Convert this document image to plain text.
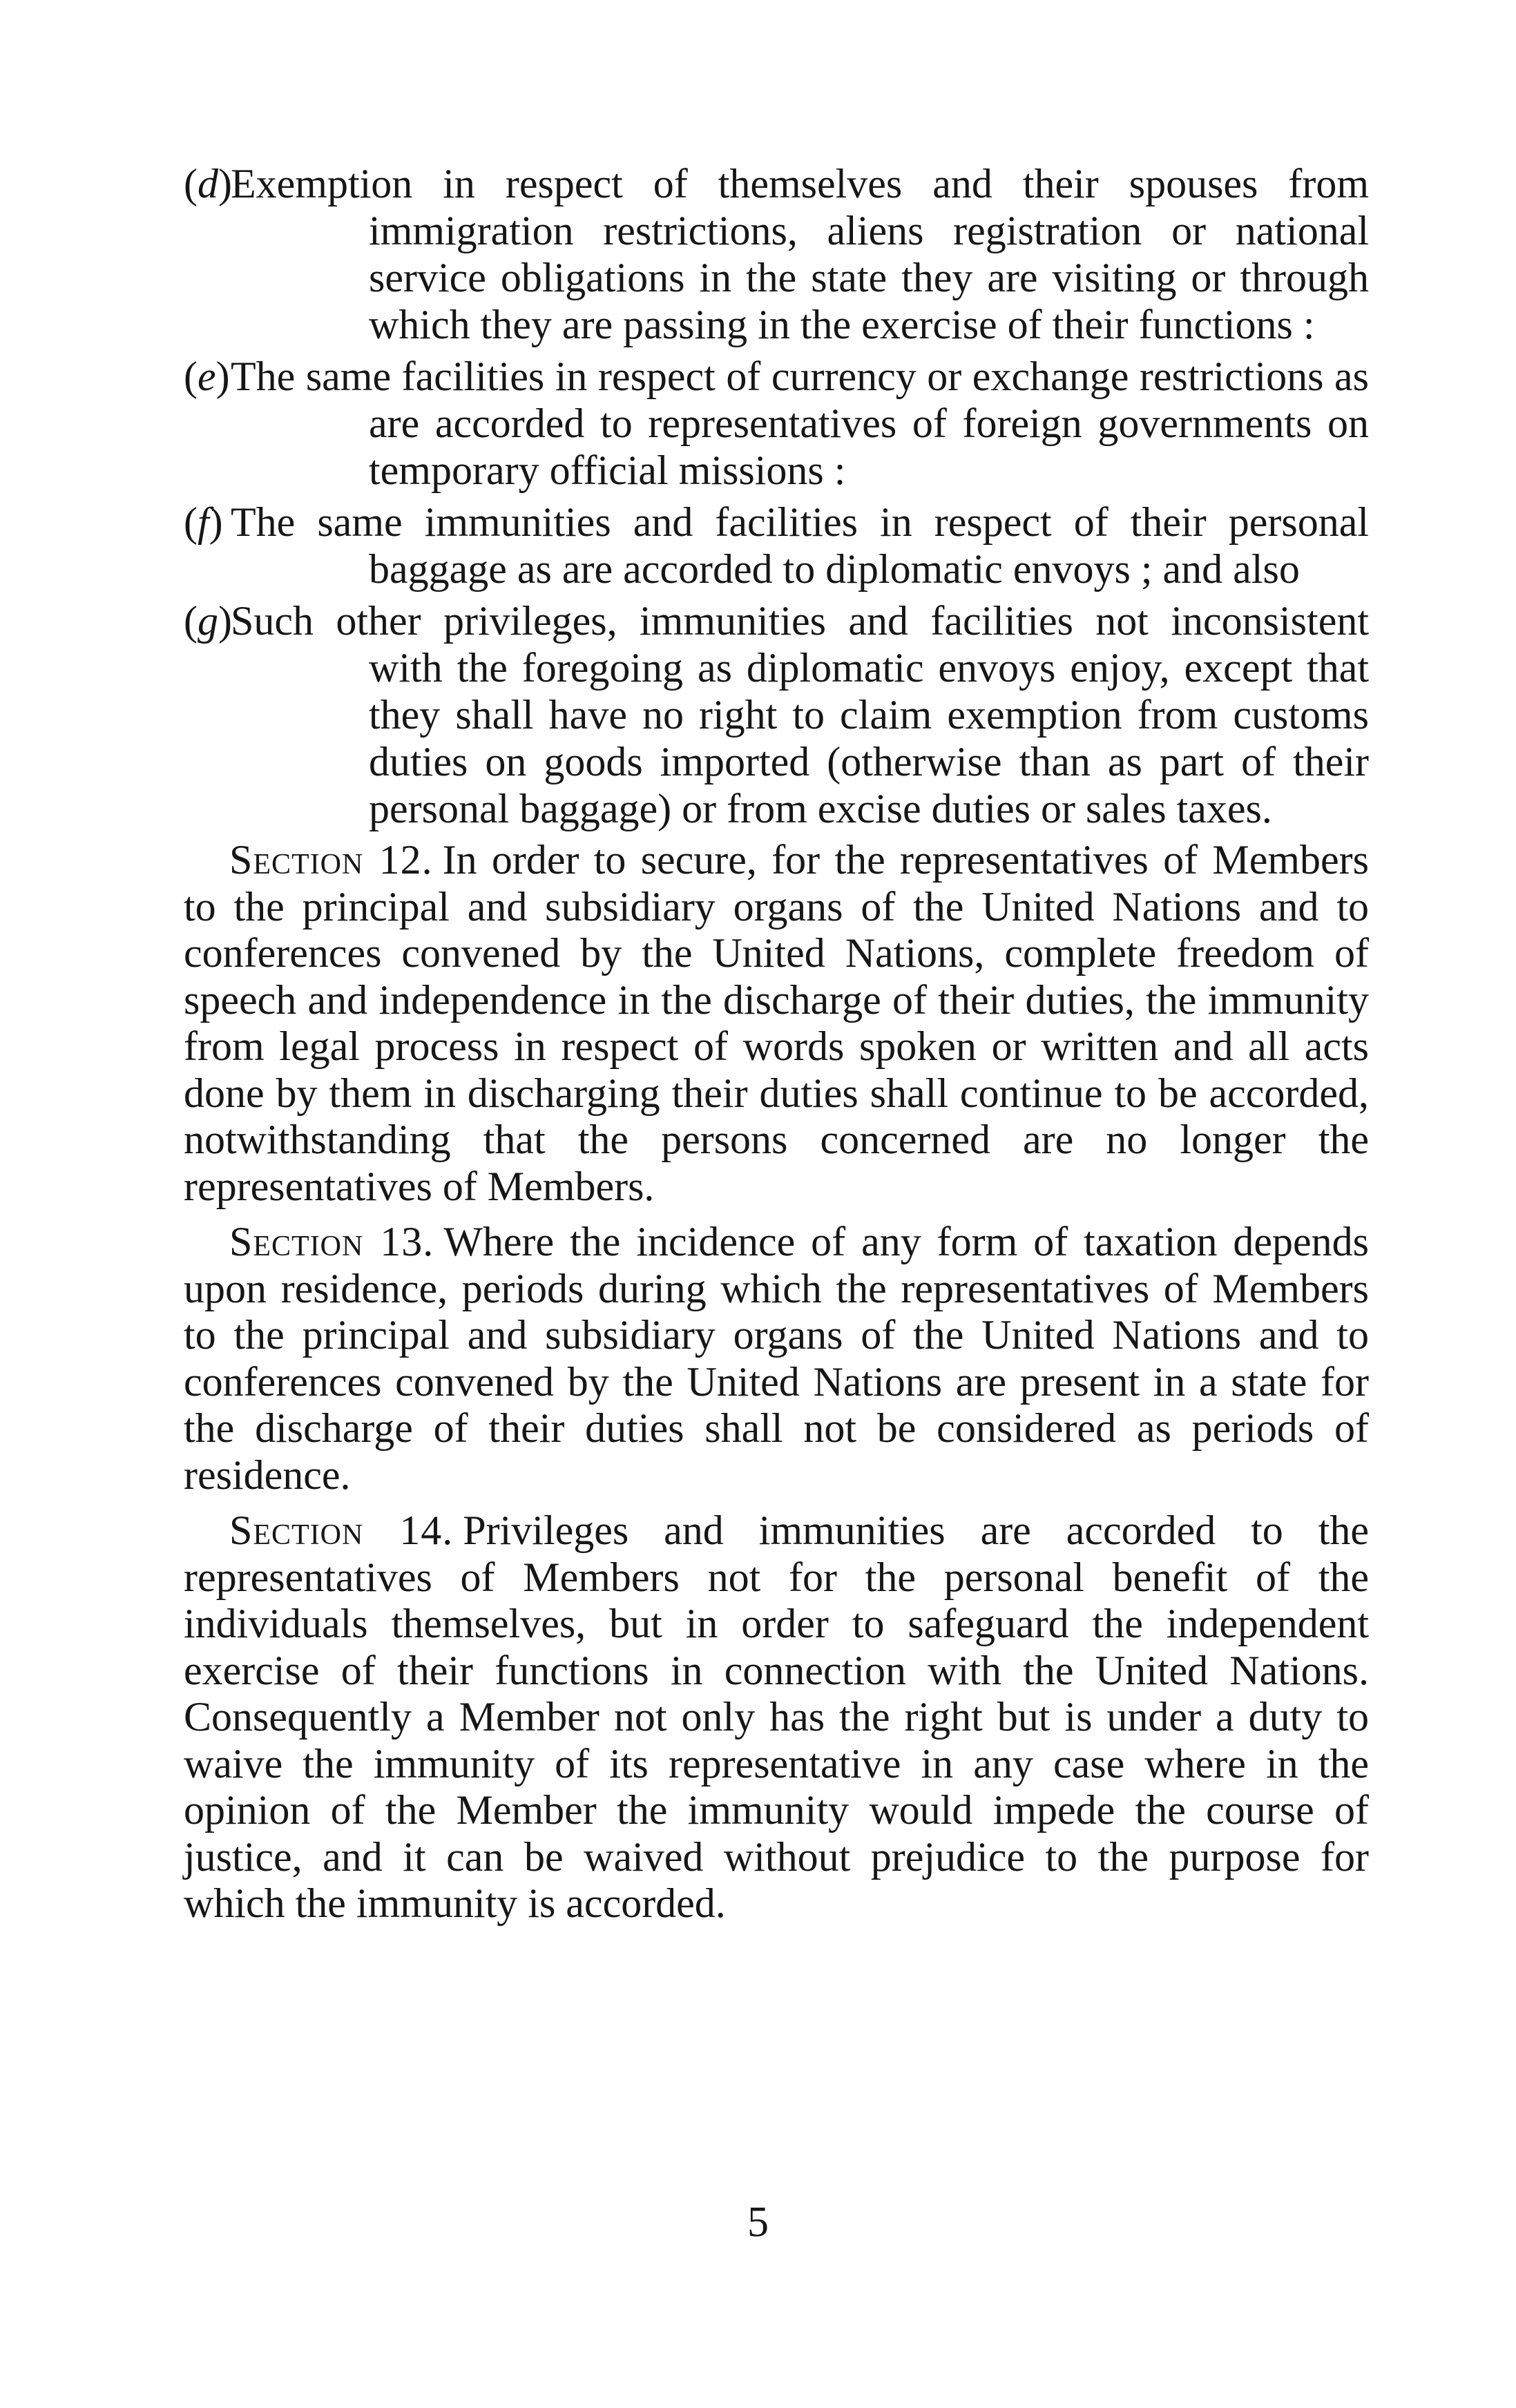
(d)Exemption in respect of themselves and their spouses from immigration restrictions, aliens registration or national service obligations in the state they are visiting or through which they are passing in the exercise of their functions :

(e)The same facilities in respect of currency or exchange restrictions as are accorded to representatives of foreign governments on temporary official missions :

(f) The same immunities and facilities in respect of their personal baggage as are accorded to diplomatic envoys ; and also

(g)Such other privileges, immunities and facilities not inconsistent with the foregoing as diplomatic envoys enjoy, except that they shall have no right to claim exemption from customs duties on goods imported (otherwise than as part of their personal baggage) or from excise duties or sales taxes.

Section 12. In order to secure, for the representatives of Members to the principal and subsidiary organs of the United Nations and to conferences convened by the United Nations, complete freedom of speech and independence in the discharge of their duties, the immunity from legal process in respect of words spoken or written and all acts done by them in discharging their duties shall continue to be accorded, notwithstanding that the persons concerned are no longer the representatives of Members.

Section 13. Where the incidence of any form of taxation depends upon residence, periods during which the representatives of Members to the principal and subsidiary organs of the United Nations and to conferences convened by the United Nations are present in a state for the discharge of their duties shall not be considered as periods of residence.

Section 14. Privileges and immunities are accorded to the representatives of Members not for the personal benefit of the individuals themselves, but in order to safeguard the independent exercise of their functions in connection with the United Nations. Consequently a Member not only has the right but is under a duty to waive the immunity of its representative in any case where in the opinion of the Member the immunity would impede the course of justice, and it can be waived without prejudice to the purpose for which the immunity is accorded.

5
